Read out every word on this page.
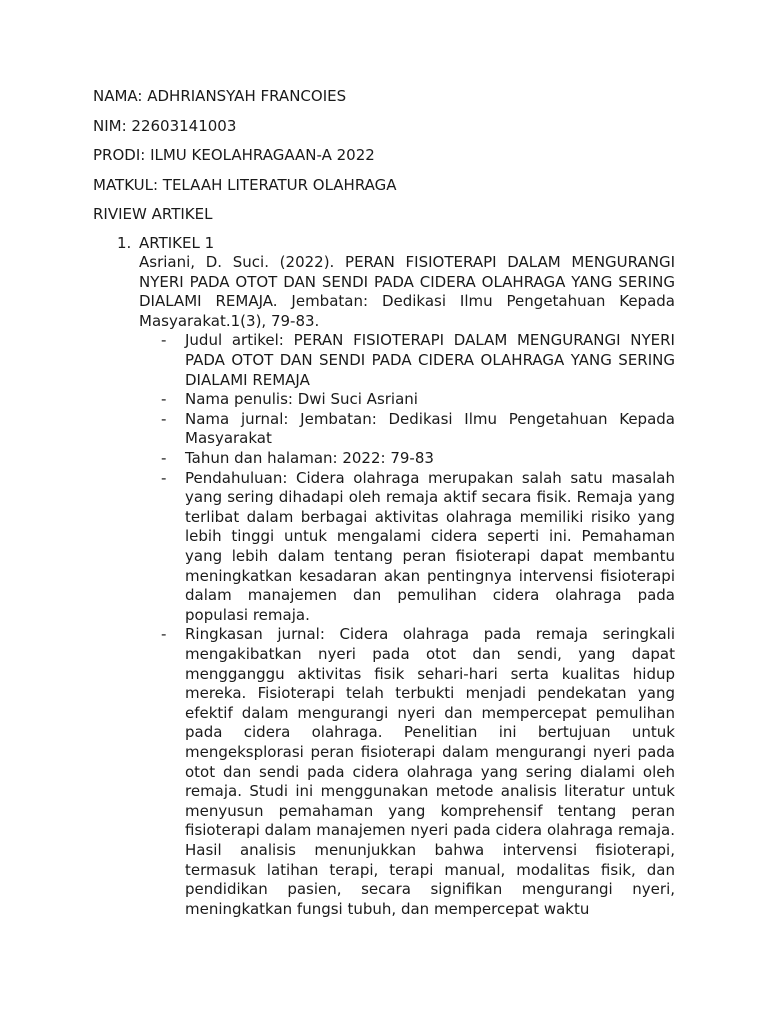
NAMA: ADHRIANSYAH FRANCOIES

NIM: 22603141003

PRODI: ILMU KEOLAHRAGAAN-A 2022

MATKUL: TELAAH LITERATUR OLAHRAGA

RIVIEW ARTIKEL

1. ARTIKEL 1

Asriani, D. Suci. (2022). PERAN FISIOTERAPI DALAM MENGURANGI NYERI PADA OTOT DAN SENDI PADA CIDERA OLAHRAGA YANG SERING DIALAMI REMAJA. Jembatan: Dedikasi Ilmu Pengetahuan Kepada Masyarakat.1(3), 79-83.

- Judul artikel: PERAN FISIOTERAPI DALAM MENGURANGI NYERI PADA OTOT DAN SENDI PADA CIDERA OLAHRAGA YANG SERING DIALAMI REMAJA
- Nama penulis: Dwi Suci Asriani
- Nama jurnal: Jembatan: Dedikasi Ilmu Pengetahuan Kepada Masyarakat
- Tahun dan halaman: 2022: 79-83
- Pendahuluan: Cidera olahraga merupakan salah satu masalah yang sering dihadapi oleh remaja aktif secara fisik. Remaja yang terlibat dalam berbagai aktivitas olahraga memiliki risiko yang lebih tinggi untuk mengalami cidera seperti ini. Pemahaman yang lebih dalam tentang peran fisioterapi dapat membantu meningkatkan kesadaran akan pentingnya intervensi fisioterapi dalam manajemen dan pemulihan cidera olahraga pada populasi remaja.
- Ringkasan jurnal: Cidera olahraga pada remaja seringkali mengakibatkan nyeri pada otot dan sendi, yang dapat mengganggu aktivitas fisik sehari-hari serta kualitas hidup mereka. Fisioterapi telah terbukti menjadi pendekatan yang efektif dalam mengurangi nyeri dan mempercepat pemulihan pada cidera olahraga. Penelitian ini bertujuan untuk mengeksplorasi peran fisioterapi dalam mengurangi nyeri pada otot dan sendi pada cidera olahraga yang sering dialami oleh remaja. Studi ini menggunakan metode analisis literatur untuk menyusun pemahaman yang komprehensif tentang peran fisioterapi dalam manajemen nyeri pada cidera olahraga remaja. Hasil analisis menunjukkan bahwa intervensi fisioterapi, termasuk latihan terapi, terapi manual, modalitas fisik, dan pendidikan pasien, secara signifikan mengurangi nyeri, meningkatkan fungsi tubuh, dan mempercepat waktu
